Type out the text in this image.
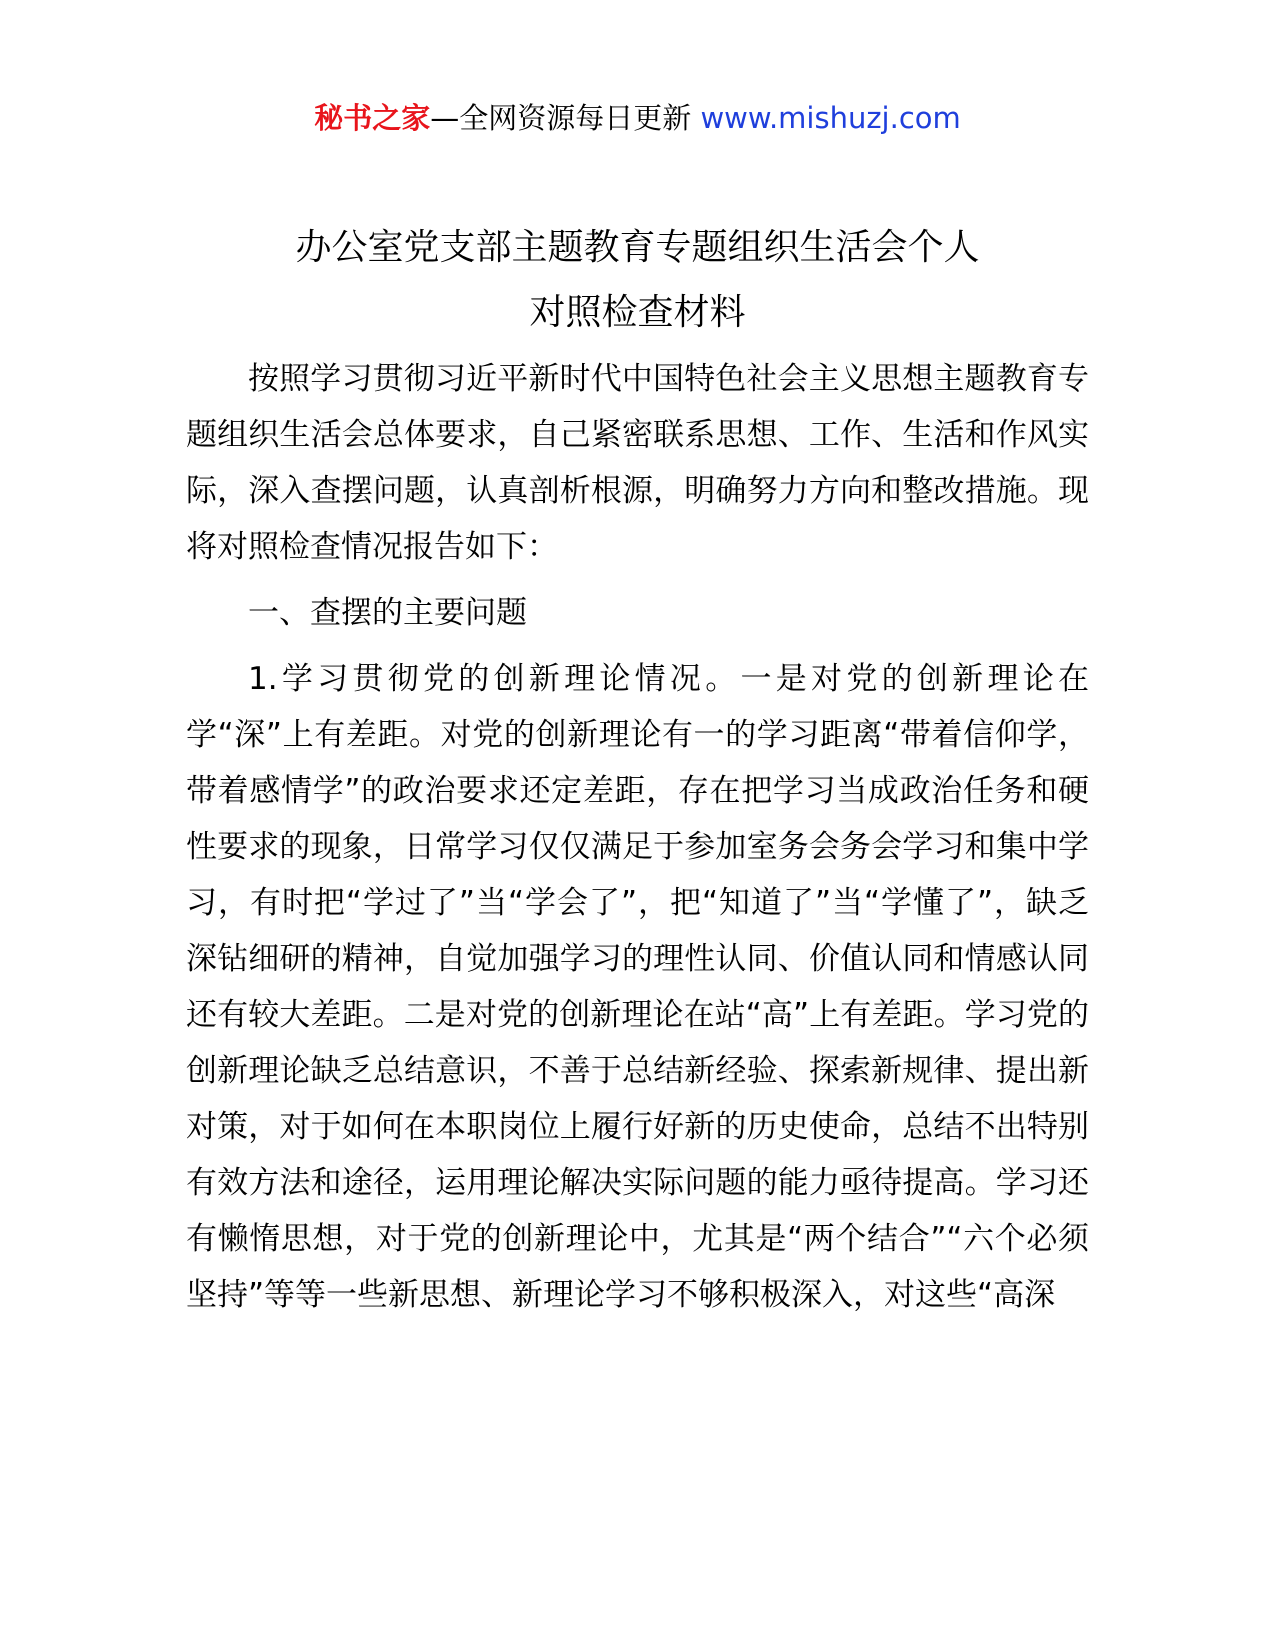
秘书之家—全网资源每日更新 www.mishuzj.com
办公室党支部主题教育专题组织生活会个人
对照检查材料

按照学习贯彻习近平新时代中国特色社会主义思想主题教育专题组织生活会总体要求，自己紧密联系思想、工作、生活和作风实际，深入查摆问题，认真剖析根源，明确努力方向和整改措施。现将对照检查情况报告如下：

一、查摆的主要问题

1.学习贯彻党的创新理论情况。一是对党的创新理论在学“深”上有差距。对党的创新理论有一的学习距离“带着信仰学，带着感情学”的政治要求还定差距，存在把学习当成政治任务和硬性要求的现象，日常学习仅仅满足于参加室务会务会学习和集中学习，有时把“学过了”当“学会了”，把“知道了”当“学懂了”，缺乏深钻细研的精神，自觉加强学习的理性认同、价值认同和情感认同还有较大差距。二是对党的创新理论在站“高”上有差距。学习党的创新理论缺乏总结意识，不善于总结新经验、探索新规律、提出新对策，对于如何在本职岗位上履行好新的历史使命，总结不出特别有效方法和途径，运用理论解决实际问题的能力亟待提高。学习还有懒惰思想，对于党的创新理论中，尤其是“两个结合”“六个必须坚持”等等一些新思想、新理论学习不够积极深入，对这些“高深
